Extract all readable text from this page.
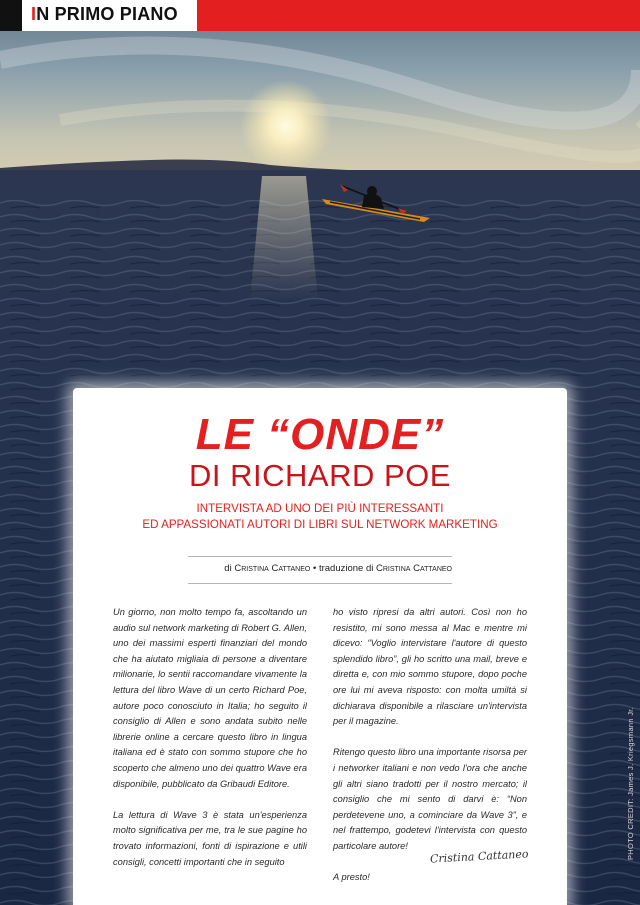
IN PRIMO PIANO
LE “ONDE”
DI RICHARD POE
INTERVISTA AD UNO DEI PIÙ INTERESSANTI
ED APPASSIONATI AUTORI DI LIBRI SUL NETWORK MARKETING
di Cristina Cattaneo • traduzione di Cristina Cattaneo

Un giorno, non molto tempo fa, ascoltando un audio sul network marketing di Robert G. Allen, uno dei massimi esperti finanziari del mondo che ha aiutato migliaia di persone a diventare milionarie, lo sentii raccomandare vivamente la lettura del libro Wave di un certo Richard Poe, autore poco conosciuto in Italia; ho seguito il consiglio di Allen e sono andata subito nelle librerie online a cercare questo libro in lingua italiana ed è stato con sommo stupore che ho scoperto che almeno uno dei quattro Wave era disponibile, pubblicato da Gribaudi Editore.

La lettura di Wave 3 è stata un'esperienza molto significativa per me, tra le sue pagine ho trovato informazioni, fonti di ispirazione e utili consigli, concetti importanti che in seguito

ho visto ripresi da altri autori. Così non ho resistito, mi sono messa al Mac e mentre mi dicevo: “Voglio intervistare l'autore di questo splendido libro”, gli ho scritto una mail, breve e diretta e, con mio sommo stupore, dopo poche ore lui mi aveva risposto: con molta umiltà si dichiarava disponibile a rilasciare un'intervista per il magazine.

Ritengo questo libro una importante risorsa per i networker italiani e non vedo l'ora che anche gli altri siano tradotti per il nostro mercato; il consiglio che mi sento di darvi è: “Non perdetevene uno, a cominciare da Wave 3”, e nel frattempo, godetevi l'intervista con questo particolare autore!

A presto!

Cristina Cattaneo	PHOTO CREDIT: James J. Kriegsmann Jr.
